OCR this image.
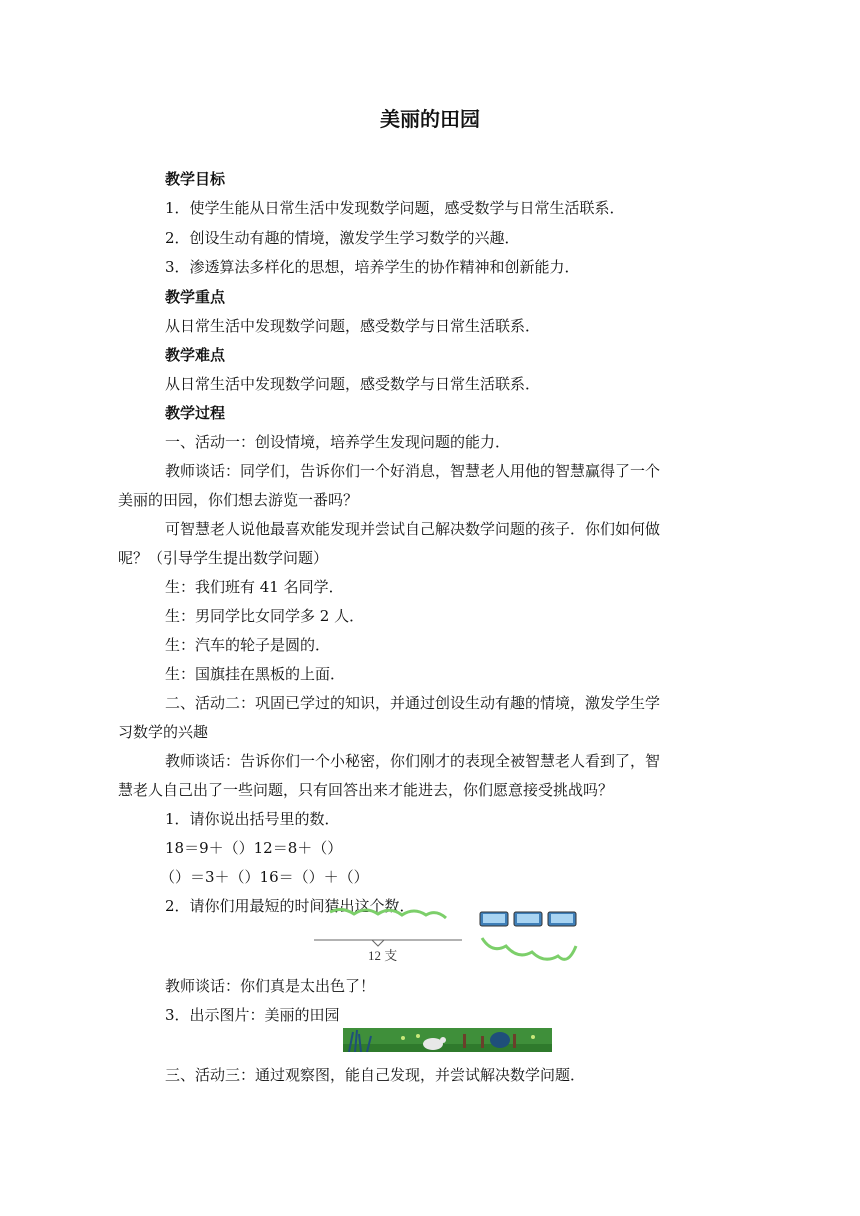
美丽的田园
教学目标
1．使学生能从日常生活中发现数学问题，感受数学与日常生活联系．
2．创设生动有趣的情境，激发学生学习数学的兴趣．
3．渗透算法多样化的思想，培养学生的协作精神和创新能力．
教学重点
从日常生活中发现数学问题，感受数学与日常生活联系．
教学难点
从日常生活中发现数学问题，感受数学与日常生活联系．
教学过程
一、活动一：创设情境，培养学生发现问题的能力．
教师谈话：同学们，告诉你们一个好消息，智慧老人用他的智慧赢得了一个
美丽的田园，你们想去游览一番吗？
可智慧老人说他最喜欢能发现并尝试自己解决数学问题的孩子．你们如何做
呢？（引导学生提出数学问题）
生：我们班有 41 名同学．
生：男同学比女同学多 2 人．
生：汽车的轮子是圆的．
生：国旗挂在黑板的上面．
二、活动二：巩固已学过的知识，并通过创设生动有趣的情境，激发学生学
习数学的兴趣
教师谈话：告诉你们一个小秘密，你们刚才的表现全被智慧老人看到了，智
慧老人自己出了一些问题，只有回答出来才能进去，你们愿意接受挑战吗？
1．请你说出括号里的数．
18＝9＋（）12＝8＋（）
（）＝3＋（）16＝（）＋（）
2．请你们用最短的时间猜出这个数．
12 支
教师谈话：你们真是太出色了！
3．出示图片：美丽的田园
三、活动三：通过观察图，能自己发现，并尝试解决数学问题．
